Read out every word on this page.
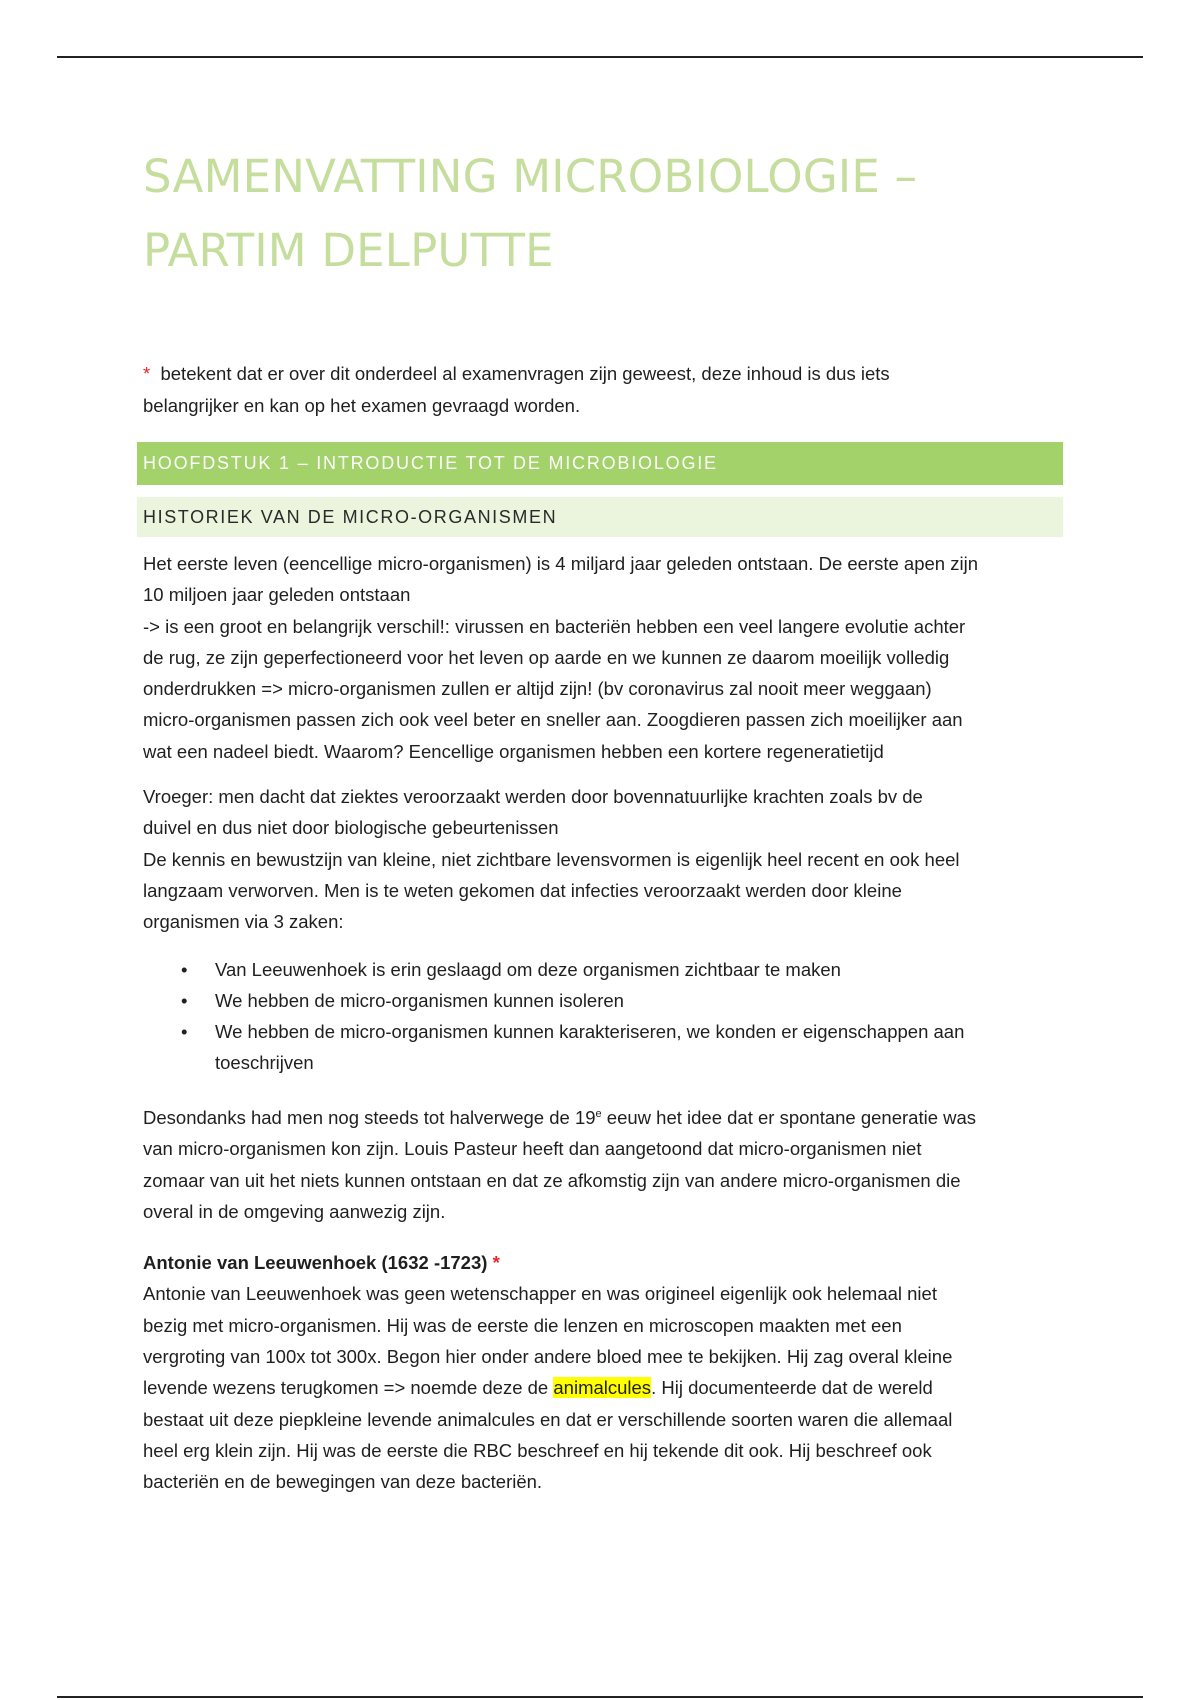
SAMENVATTING MICROBIOLOGIE –
PARTIM DELPUTTE
* betekent dat er over dit onderdeel al examenvragen zijn geweest, deze inhoud is dus iets
belangrijker en kan op het examen gevraagd worden.
HOOFDSTUK 1 – INTRODUCTIE TOT DE MICROBIOLOGIE
HISTORIEK VAN DE MICRO-ORGANISMEN

Het eerste leven (eencellige micro-organismen) is 4 miljard jaar geleden ontstaan. De eerste apen zijn
10 miljoen jaar geleden ontstaan
-> is een groot en belangrijk verschil!: virussen en bacteriën hebben een veel langere evolutie achter
de rug, ze zijn geperfectioneerd voor het leven op aarde en we kunnen ze daarom moeilijk volledig
onderdrukken => micro-organismen zullen er altijd zijn! (bv coronavirus zal nooit meer weggaan)
micro-organismen passen zich ook veel beter en sneller aan. Zoogdieren passen zich moeilijker aan
wat een nadeel biedt. Waarom? Eencellige organismen hebben een kortere regeneratietijd

Vroeger: men dacht dat ziektes veroorzaakt werden door bovennatuurlijke krachten zoals bv de
duivel en dus niet door biologische gebeurtenissen
De kennis en bewustzijn van kleine, niet zichtbare levensvormen is eigenlijk heel recent en ook heel
langzaam verworven. Men is te weten gekomen dat infecties veroorzaakt werden door kleine
organismen via 3 zaken:

• Van Leeuwenhoek is erin geslaagd om deze organismen zichtbaar te maken
• We hebben de micro-organismen kunnen isoleren
• We hebben de micro-organismen kunnen karakteriseren, we konden er eigenschappen aan
toeschrijven

Desondanks had men nog steeds tot halverwege de 19e eeuw het idee dat er spontane generatie was
van micro-organismen kon zijn. Louis Pasteur heeft dan aangetoond dat micro-organismen niet
zomaar van uit het niets kunnen ontstaan en dat ze afkomstig zijn van andere micro-organismen die
overal in de omgeving aanwezig zijn.

Antonie van Leeuwenhoek (1632 -1723) *

Antonie van Leeuwenhoek was geen wetenschapper en was origineel eigenlijk ook helemaal niet
bezig met micro-organismen. Hij was de eerste die lenzen en microscopen maakten met een
vergroting van 100x tot 300x. Begon hier onder andere bloed mee te bekijken. Hij zag overal kleine
levende wezens terugkomen => noemde deze de animalcules. Hij documenteerde dat de wereld
bestaat uit deze piepkleine levende animalcules en dat er verschillende soorten waren die allemaal
heel erg klein zijn. Hij was de eerste die RBC beschreef en hij tekende dit ook. Hij beschreef ook
bacteriën en de bewegingen van deze bacteriën.
